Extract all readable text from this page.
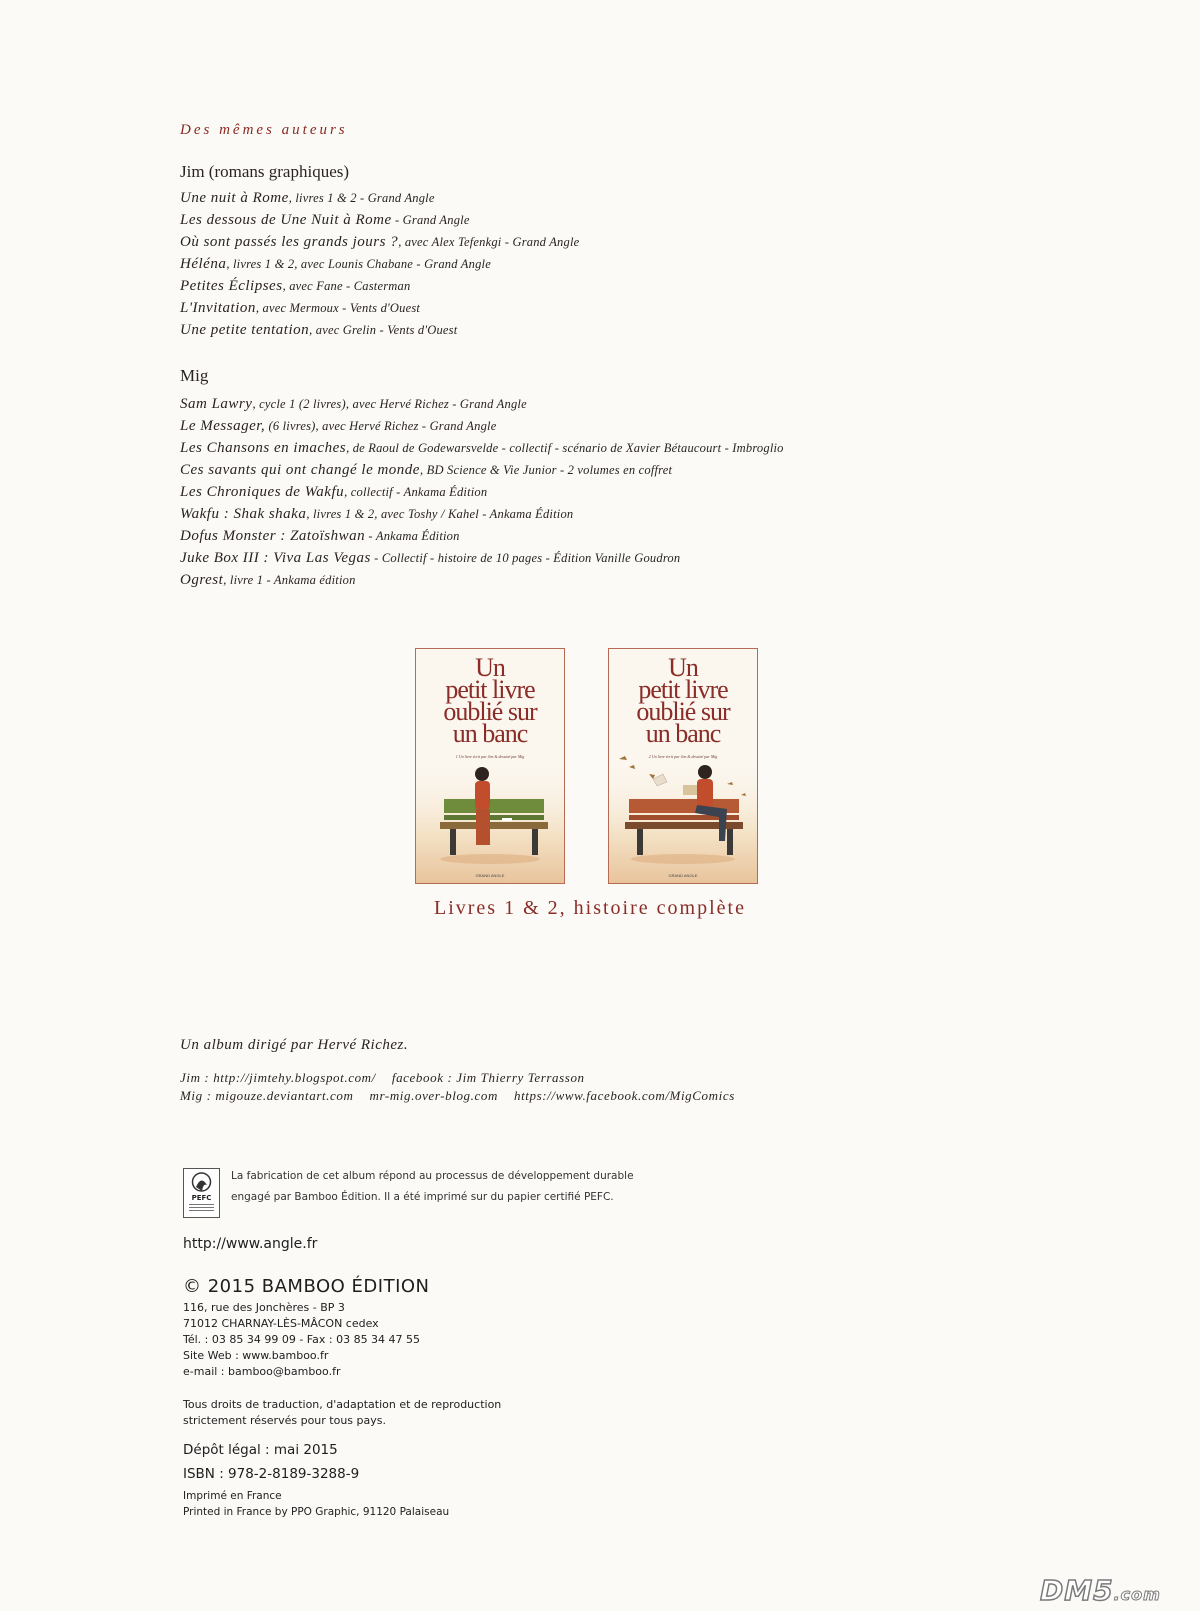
Des mêmes auteurs
Jim (romans graphiques)
Une nuit à Rome, livres 1 & 2 - Grand Angle
Les dessous de Une Nuit à Rome - Grand Angle
Où sont passés les grands jours ?, avec Alex Tefenkgi - Grand Angle
Héléna, livres 1 & 2, avec Lounis Chabane - Grand Angle
Petites Éclipses, avec Fane - Casterman
L'Invitation, avec Mermoux - Vents d'Ouest
Une petite tentation, avec Grelin - Vents d'Ouest
Mig
Sam Lawry, cycle 1 (2 livres), avec Hervé Richez - Grand Angle
Le Messager, (6 livres), avec Hervé Richez - Grand Angle
Les Chansons en imaches, de Raoul de Godewarsvelde - collectif - scénario de Xavier Bétaucourt - Imbroglio
Ces savants qui ont changé le monde, BD Science & Vie Junior - 2 volumes en coffret
Les Chroniques de Wakfu, collectif - Ankama Édition
Wakfu : Shak shaka, livres 1 & 2, avec Toshy / Kahel - Ankama Édition
Dofus Monster : Zatoïshwan - Ankama Édition
Juke Box III : Viva Las Vegas - Collectif - histoire de 10 pages - Édition Vanille Goudron
Ogrest, livre 1 - Ankama édition
Un
petit livre
oublié sur
un banc
1 Un livre écrit par Jim & dessiné par Mig
GRAND ANGLE
Un
petit livre
oublié sur
un banc
2 Un livre écrit par Jim & dessiné par Mig
GRAND ANGLE
Livres 1 & 2, histoire complète
Un album dirigé par Hervé Richez.
Jim : http://jimtehy.blogspot.com/ facebook : Jim Thierry Terrasson
Mig : migouze.deviantart.com mr-mig.over-blog.com https://www.facebook.com/MigComics
PEFC
La fabrication de cet album répond au processus de développement durable engagé par Bamboo Édition. Il a été imprimé sur du papier certifié PEFC.
http://www.angle.fr
© 2015 BAMBOO ÉDITION
116, rue des Jonchères - BP 3
71012 CHARNAY-LÈS-MÂCON cedex
Tél. : 03 85 34 99 09 - Fax : 03 85 34 47 55
Site Web : www.bamboo.fr
e-mail : bamboo@bamboo.fr
Tous droits de traduction, d'adaptation et de reproduction
strictement réservés pour tous pays.
Dépôt légal : mai 2015
ISBN : 978-2-8189-3288-9
Imprimé en France
Printed in France by PPO Graphic, 91120 Palaiseau
DM5.com
